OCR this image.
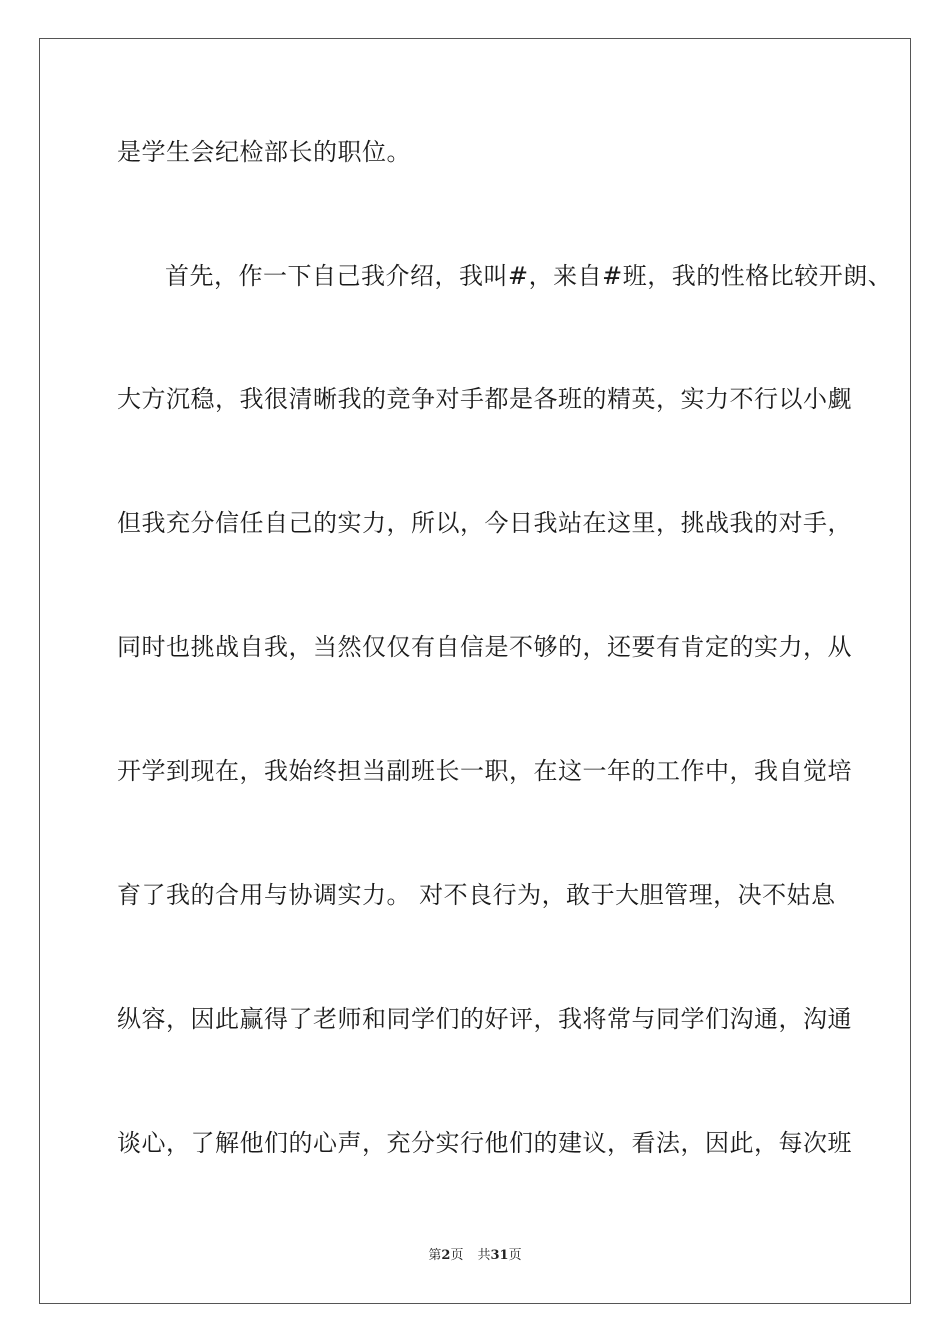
是学生会纪检部长的职位。
首先，作一下自己我介绍，我叫#，来自#班，我的性格比较开朗、
大方沉稳，我很清晰我的竞争对手都是各班的精英，实力不行以小觑
但我充分信任自己的实力，所以，今日我站在这里，挑战我的对手，
同时也挑战自我，当然仅仅有自信是不够的，还要有肯定的实力，从
开学到现在，我始终担当副班长一职，在这一年的工作中，我自觉培
育了我的合用与协调实力。 对不良行为，敢于大胆管理，决不姑息
纵容，因此赢得了老师和同学们的好评，我将常与同学们沟通，沟通
谈心，了解他们的心声，充分实行他们的建议，看法，因此，每次班
第2页 共31页
